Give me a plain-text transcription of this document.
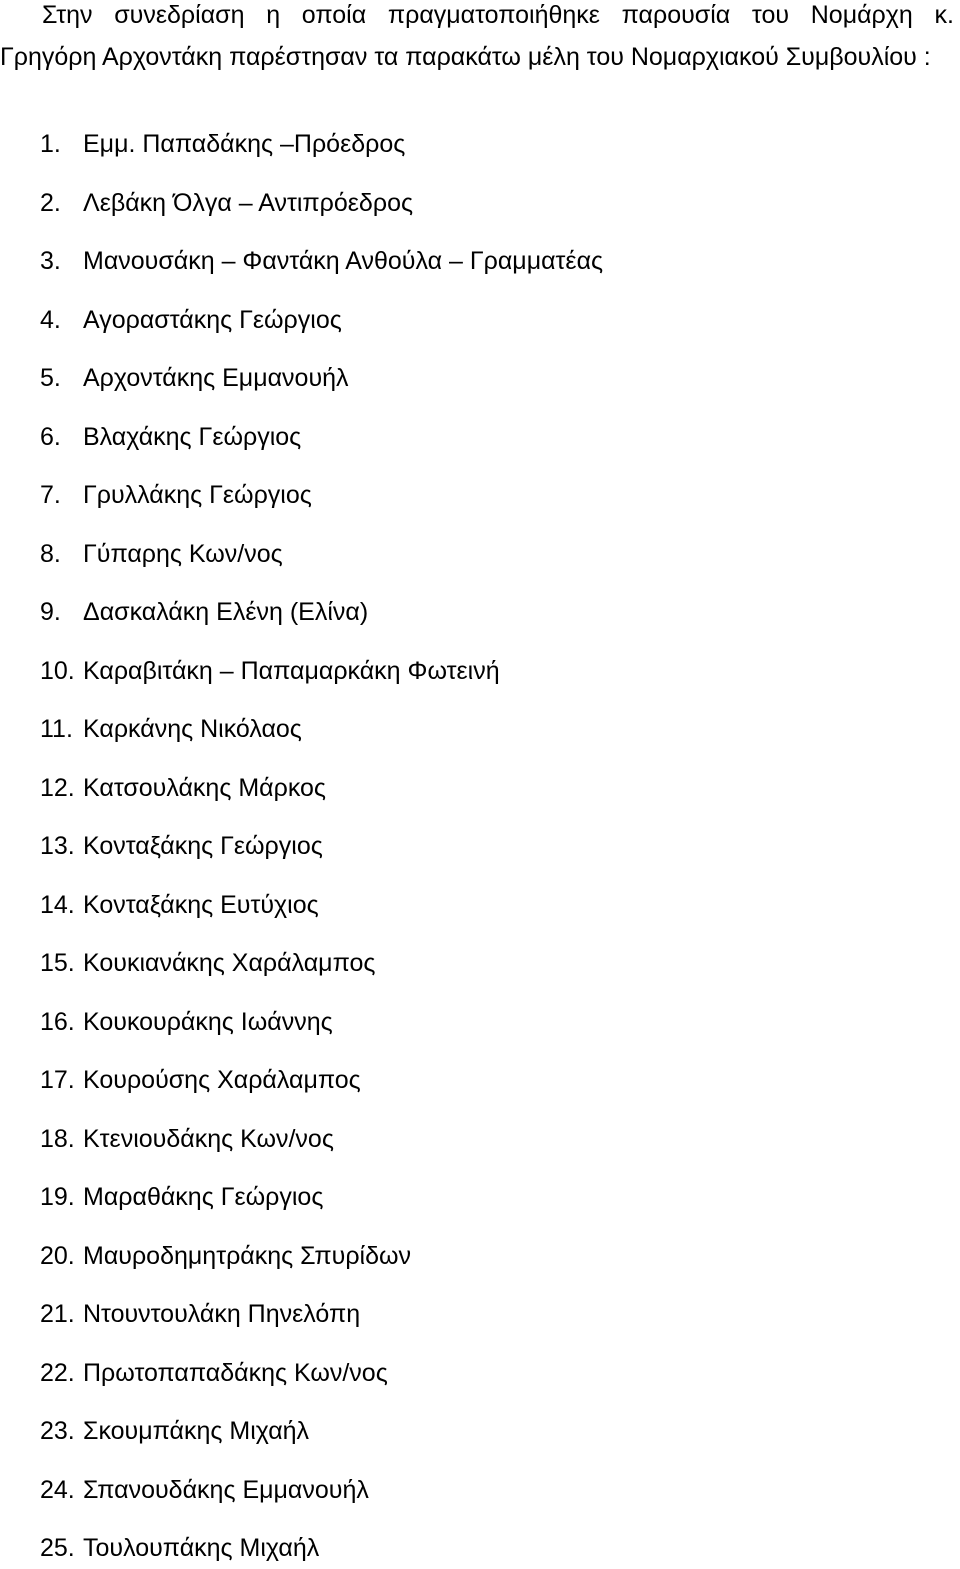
Στην συνεδρίαση η οποία πραγματοποιήθηκε παρουσία του Νομάρχη κ.
Γρηγόρη Αρχοντάκη παρέστησαν τα παρακάτω μέλη του Νομαρχιακού Συμβουλίου :
1. Εμμ. Παπαδάκης –Πρόεδρος
2. Λεβάκη Όλγα – Αντιπρόεδρος
3. Μανουσάκη – Φαντάκη Ανθούλα – Γραμματέας
4. Αγοραστάκης Γεώργιος
5. Αρχοντάκης Εμμανουήλ
6. Βλαχάκης Γεώργιος
7. Γρυλλάκης Γεώργιος
8. Γύπαρης Κων/νος
9. Δασκαλάκη Ελένη (Ελίνα)
10. Καραβιτάκη – Παπαμαρκάκη Φωτεινή
11. Καρκάνης Νικόλαος
12. Κατσουλάκης Μάρκος
13. Κονταξάκης Γεώργιος
14. Κονταξάκης Ευτύχιος
15. Κουκιανάκης Χαράλαμπος
16. Κουκουράκης Ιωάννης
17. Κουρούσης Χαράλαμπος
18. Κτενιουδάκης Κων/νος
19. Μαραθάκης Γεώργιος
20. Μαυροδημητράκης Σπυρίδων
21. Ντουντουλάκη Πηνελόπη
22. Πρωτοπαπαδάκης Κων/νος
23. Σκουμπάκης Μιχαήλ
24. Σπανουδάκης Εμμανουήλ
25. Τουλουπάκης Μιχαήλ
